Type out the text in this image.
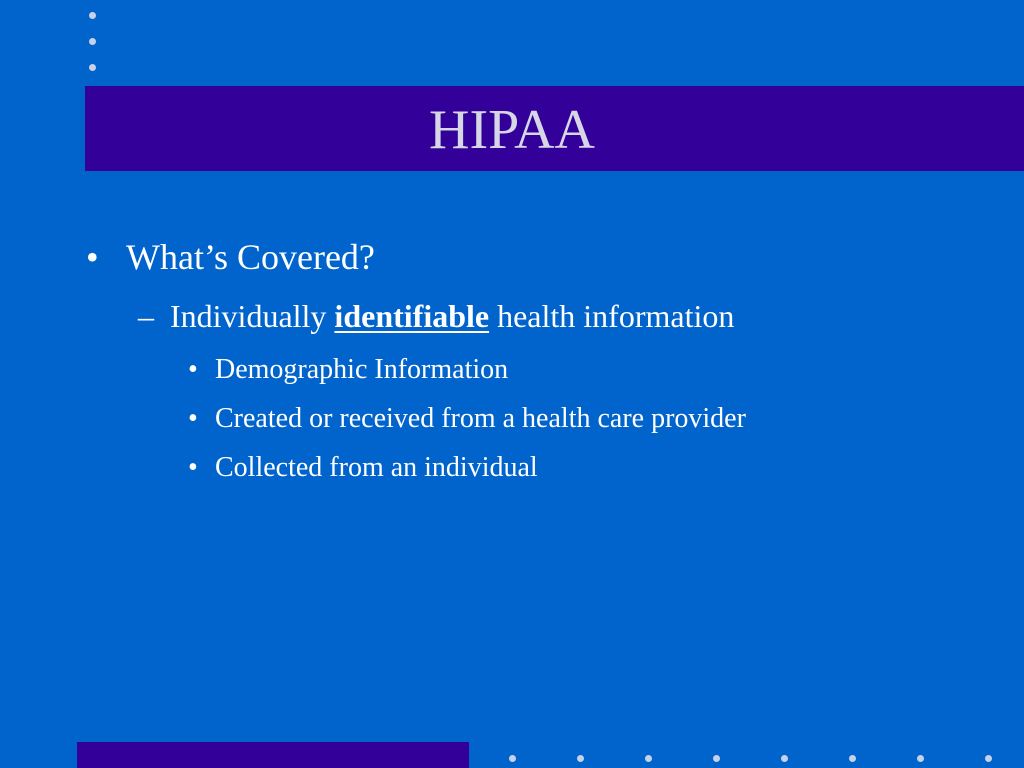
HIPAA
• What’s Covered?
– Individually identifiable health information
• Demographic Information
• Created or received from a health care provider
• Collected from an individual
